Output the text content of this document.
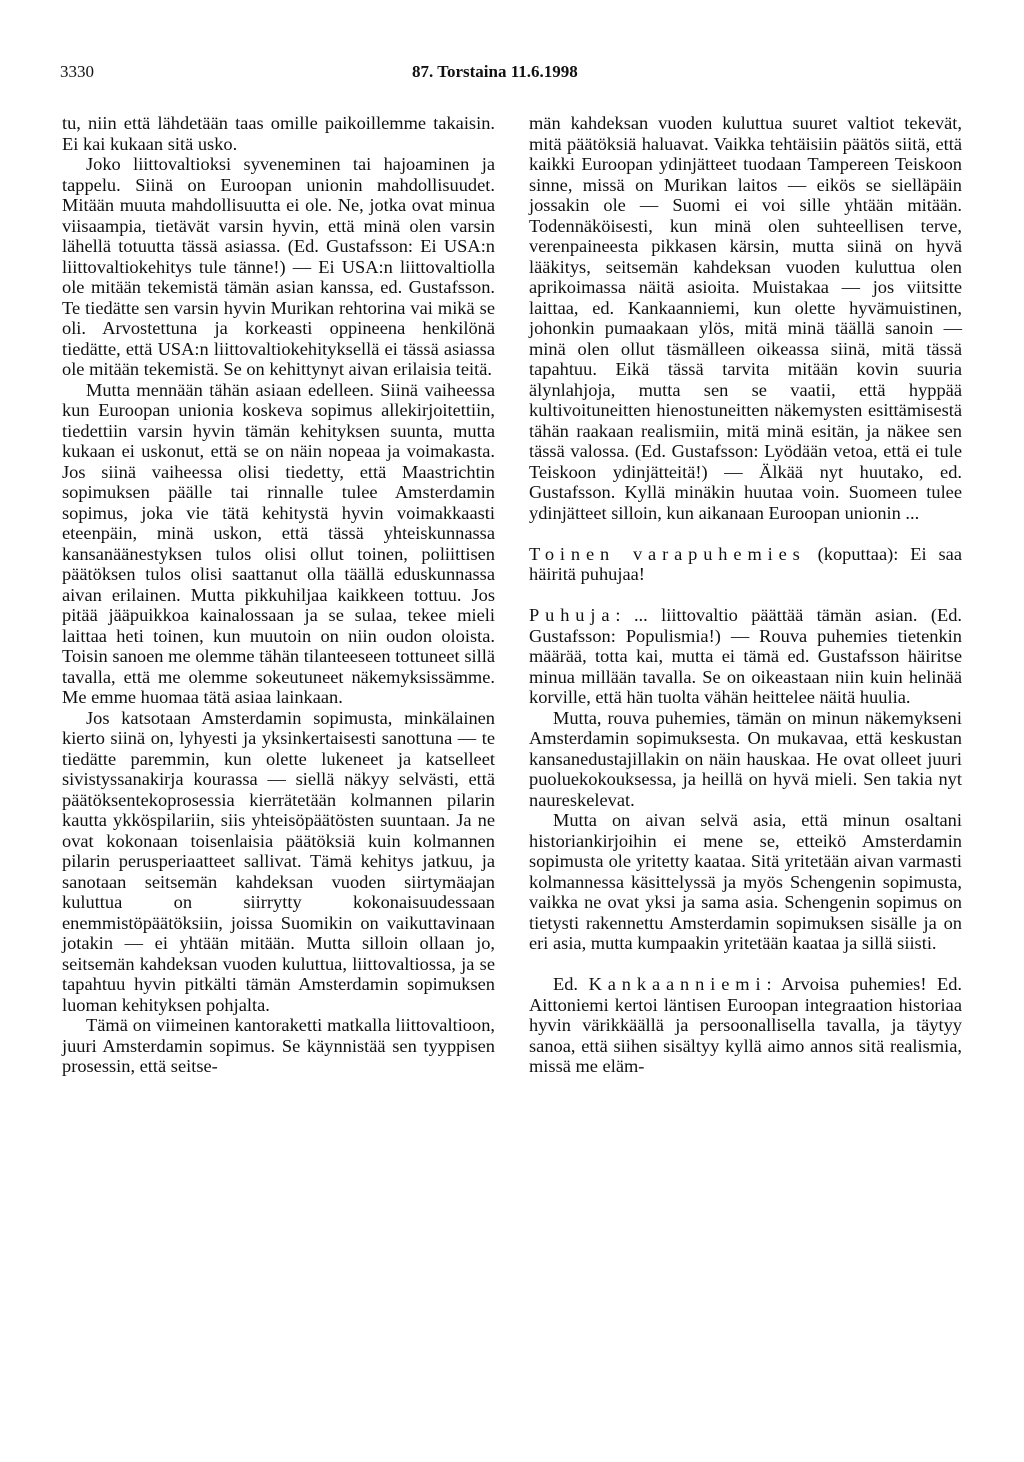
3330	87. Torstaina 11.6.1998

tu, niin että lähdetään taas omille paikoillemme takaisin. Ei kai kukaan sitä usko.

Joko liittovaltioksi syveneminen tai hajoaminen ja tappelu. Siinä on Euroopan unionin mahdollisuudet. Mitään muuta mahdollisuutta ei ole. Ne, jotka ovat minua viisaampia, tietävät varsin hyvin, että minä olen varsin lähellä totuutta tässä asiassa. (Ed. Gustafsson: Ei USA:n liittovaltiokehitys tule tänne!) — Ei USA:n liittovaltiolla ole mitään tekemistä tämän asian kanssa, ed. Gustafsson. Te tiedätte sen varsin hyvin Murikan rehtorina vai mikä se oli. Arvostettuna ja korkeasti oppineena henkilönä tiedätte, että USA:n liittovaltiokehityksellä ei tässä asiassa ole mitään tekemistä. Se on kehittynyt aivan erilaisia teitä.

Mutta mennään tähän asiaan edelleen. Siinä vaiheessa kun Euroopan unionia koskeva sopimus allekirjoitettiin, tiedettiin varsin hyvin tämän kehityksen suunta, mutta kukaan ei uskonut, että se on näin nopeaa ja voimakasta. Jos siinä vaiheessa olisi tiedetty, että Maastrichtin sopimuksen päälle tai rinnalle tulee Amsterdamin sopimus, joka vie tätä kehitystä hyvin voimakkaasti eteenpäin, minä uskon, että tässä yhteiskunnassa kansanäänestyksen tulos olisi ollut toinen, poliittisen päätöksen tulos olisi saattanut olla täällä eduskunnassa aivan erilainen. Mutta pikkuhiljaa kaikkeen tottuu. Jos pitää jääpuikkoa kainalossaan ja se sulaa, tekee mieli laittaa heti toinen, kun muutoin on niin oudon oloista. Toisin sanoen me olemme tähän tilanteeseen tottuneet sillä tavalla, että me olemme sokeutuneet näkemyksissämme. Me emme huomaa tätä asiaa lainkaan.

Jos katsotaan Amsterdamin sopimusta, minkälainen kierto siinä on, lyhyesti ja yksinkertaisesti sanottuna — te tiedätte paremmin, kun olette lukeneet ja katselleet sivistyssanakirja kourassa — siellä näkyy selvästi, että päätöksentekoprosessia kierrätetään kolmannen pilarin kautta ykköspilariin, siis yhteisöpäätösten suuntaan. Ja ne ovat kokonaan toisenlaisia päätöksiä kuin kolmannen pilarin perusperiaatteet sallivat. Tämä kehitys jatkuu, ja sanotaan seitsemän kahdeksan vuoden siirtymäajan kuluttua on siirrytty kokonaisuudessaan enemmistöpäätöksiin, joissa Suomikin on vaikuttavinaan jotakin — ei yhtään mitään. Mutta silloin ollaan jo, seitsemän kahdeksan vuoden kuluttua, liittovaltiossa, ja se tapahtuu hyvin pitkälti tämän Amsterdamin sopimuksen luoman kehityksen pohjalta.

Tämä on viimeinen kantoraketti matkalla liittovaltioon, juuri Amsterdamin sopimus. Se käynnistää sen tyyppisen prosessin, että seitse-

män kahdeksan vuoden kuluttua suuret valtiot tekevät, mitä päätöksiä haluavat. Vaikka tehtäisiin päätös siitä, että kaikki Euroopan ydinjätteet tuodaan Tampereen Teiskoon sinne, missä on Murikan laitos — eikös se sielläpäin jossakin ole — Suomi ei voi sille yhtään mitään. Todennäköisesti, kun minä olen suhteellisen terve, verenpaineesta pikkasen kärsin, mutta siinä on hyvä lääkitys, seitsemän kahdeksan vuoden kuluttua olen aprikoimassa näitä asioita. Muistakaa — jos viitsitte laittaa, ed. Kankaanniemi, kun olette hyvämuistinen, johonkin pumaakaan ylös, mitä minä täällä sanoin — minä olen ollut täsmälleen oikeassa siinä, mitä tässä tapahtuu. Eikä tässä tarvita mitään kovin suuria älynlahjoja, mutta sen se vaatii, että hyppää kultivoituneitten hienostuneitten näkemysten esittämisestä tähän raakaan realismiin, mitä minä esitän, ja näkee sen tässä valossa. (Ed. Gustafsson: Lyödään vetoa, että ei tule Teiskoon ydinjätteitä!) — Älkää nyt huutako, ed. Gustafsson. Kyllä minäkin huutaa voin. Suomeen tulee ydinjätteet silloin, kun aikanaan Euroopan unionin ...

Toinen varapuhemies (koputtaa): Ei saa häiritä puhujaa!

Puhuja: ... liittovaltio päättää tämän asian. (Ed. Gustafsson: Populismia!) — Rouva puhemies tietenkin määrää, totta kai, mutta ei tämä ed. Gustafsson häiritse minua millään tavalla. Se on oikeastaan niin kuin helinää korville, että hän tuolta vähän heittelee näitä huulia.

Mutta, rouva puhemies, tämän on minun näkemykseni Amsterdamin sopimuksesta. On mukavaa, että keskustan kansanedustajillakin on näin hauskaa. He ovat olleet juuri puoluekokouksessa, ja heillä on hyvä mieli. Sen takia nyt naureskelevat.

Mutta on aivan selvä asia, että minun osaltani historiankirjoihin ei mene se, etteikö Amsterdamin sopimusta ole yritetty kaataa. Sitä yritetään aivan varmasti kolmannessa käsittelyssä ja myös Schengenin sopimusta, vaikka ne ovat yksi ja sama asia. Schengenin sopimus on tietysti rakennettu Amsterdamin sopimuksen sisälle ja on eri asia, mutta kumpaakin yritetään kaataa ja sillä siisti.

Ed. Kankaanniemi: Arvoisa puhemies! Ed. Aittoniemi kertoi läntisen Euroopan integraation historiaa hyvin värikkäällä ja persoonallisella tavalla, ja täytyy sanoa, että siihen sisältyy kyllä aimo annos sitä realismia, missä me eläm-
